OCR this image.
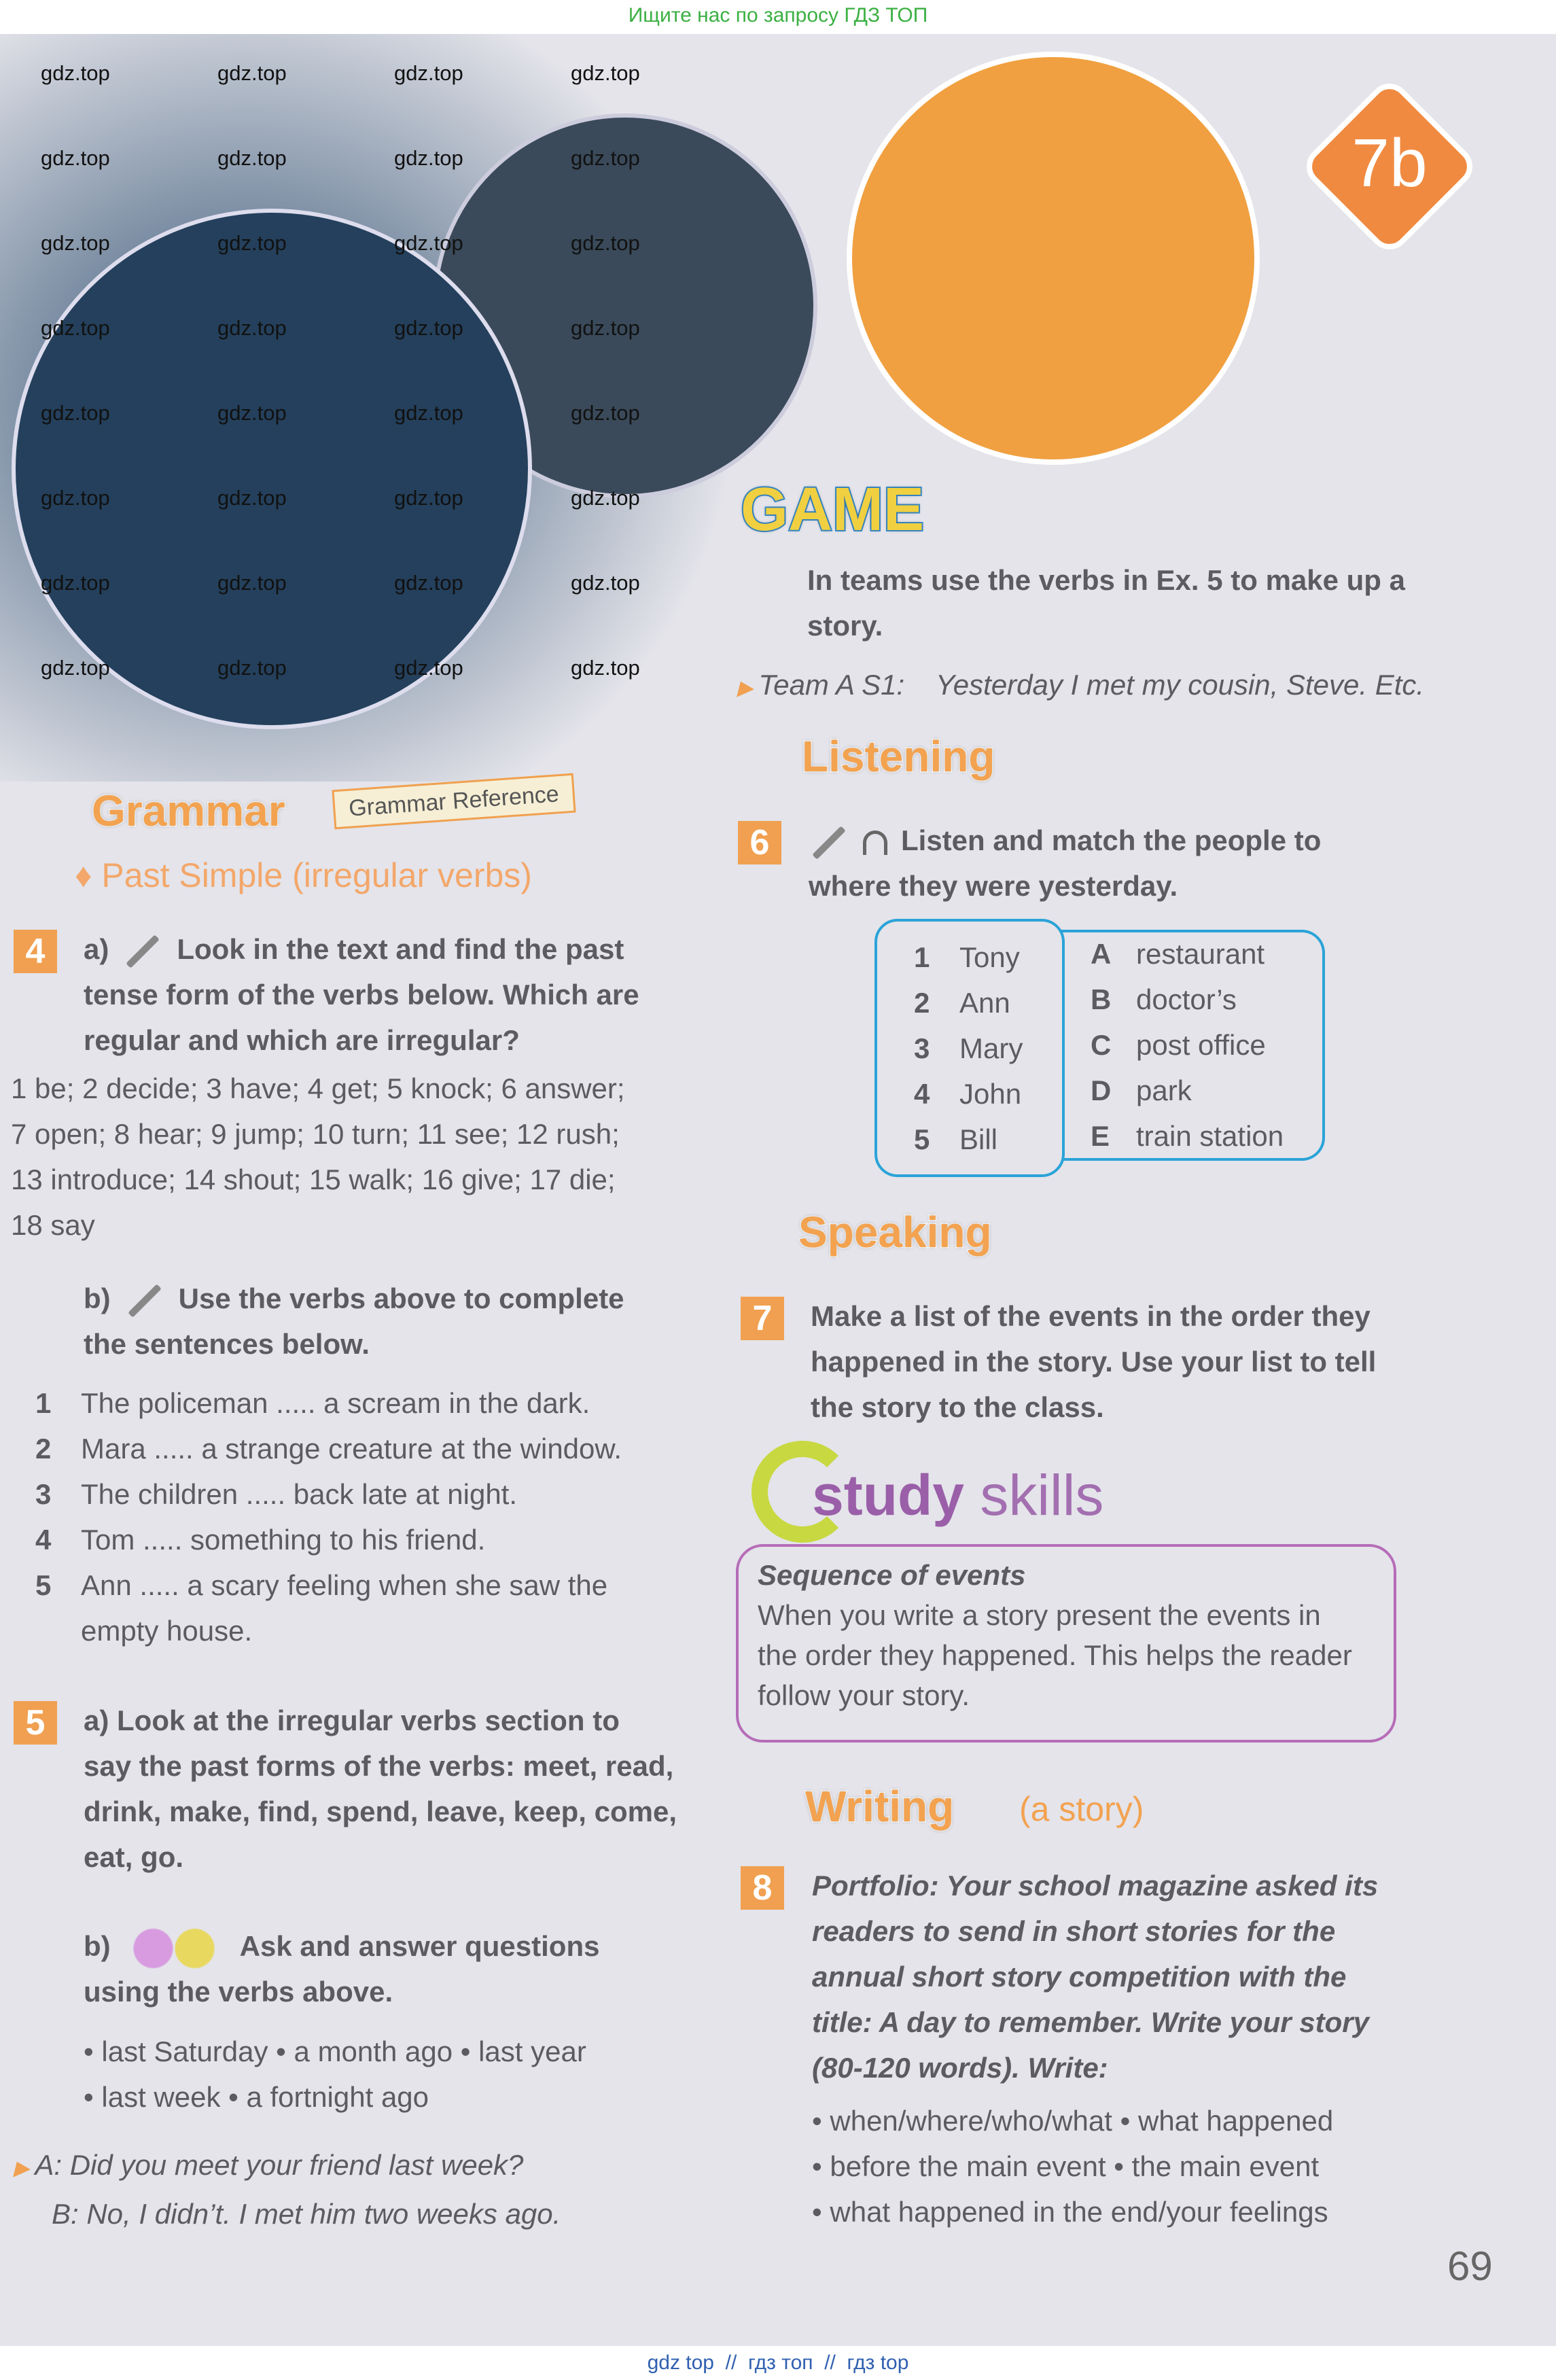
Ищите нас по запросу ГДЗ ТОП
7b
Grammar	Grammar Reference
♦ Past Simple (irregular verbs)
4	a) Look in the text and find the past
tense form of the verbs below. Which are
regular and which are irregular?
1 be; 2 decide; 3 have; 4 get; 5 knock; 6 answer;
7 open; 8 hear; 9 jump; 10 turn; 11 see; 12 rush;
13 introduce; 14 shout; 15 walk; 16 give; 17 die;
18 say
b) Use the verbs above to complete
the sentences below.
1	The policeman ..... a scream in the dark.
2	Mara ..... a strange creature at the window.
3	The children ..... back late at night.
4	Tom ..... something to his friend.
5	Ann ..... a scary feeling when she saw the
empty house.
5	a) Look at the irregular verbs section to
say the past forms of the verbs: meet, read,
drink, make, find, spend, leave, keep, come,
eat, go.
b)	Ask and answer questions
using the verbs above.
• last Saturday • a month ago • last year
• last week • a fortnight ago
▶ A: Did you meet your friend last week?
B: No, I didn’t. I met him two weeks ago.
GAME
In teams use the verbs in Ex. 5 to make up a
story.
▶ Team A S1:    Yesterday I met my cousin, Steve. Etc.
Listening
6	Listen and match the people to
where they were yesterday.
1	Tony
2	Ann
3	Mary
4	John
5	Bill
A restaurant
B doctor’s
C post office
D park
E train station
Speaking
7	Make a list of the events in the order they
happened in the story. Use your list to tell
the story to the class.
study skills
Sequence of events
When you write a story present the events in
the order they happened. This helps the reader
follow your story.
Writing (a story)
8	Portfolio: Your school magazine asked its
readers to send in short stories for the
annual short story competition with the
title: A day to remember. Write your story
(80-120 words). Write:
• when/where/who/what • what happened
• before the main event • the main event
• what happened in the end/your feelings
69
gdz.top	gdz.top	gdz.top	gdz.top
gdz.top	gdz.top	gdz.top	gdz.top
gdz.top	gdz.top	gdz.top	gdz.top
gdz.top	gdz.top	gdz.top	gdz.top
gdz.top	gdz.top	gdz.top	gdz.top
gdz.top	gdz.top	gdz.top	gdz.top
gdz.top	gdz.top	gdz.top	gdz.top
gdz.top	gdz.top	gdz.top	gdz.top
gdz top  //  гдз топ  //  гдз top
